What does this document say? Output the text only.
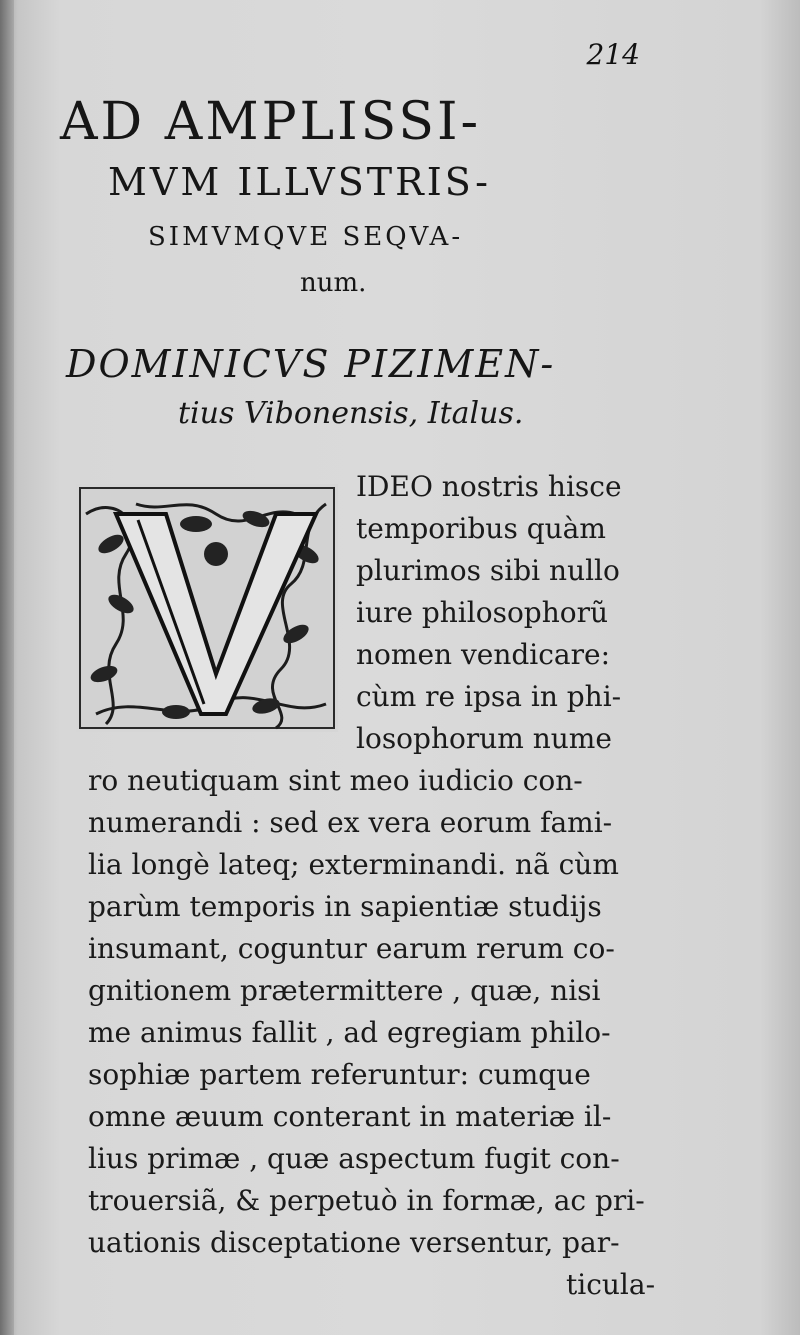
214
AD AMPLISSI-
MVM ILLVSTRIS-
SIMVMQVE SEQVA-
num.
DOMINICVS PIZIMEN-
tius Vibonensis, Italus.
IDEO nostris hisce
temporibus quàm
plurimos sibi nullo
iure philosophorũ
nomen vendicare:
cùm re ipsa in phi-
losophorum nume
ro neutiquam sint meo iudicio con-
numerandi : sed ex vera eorum fami-
lia longè lateq; exterminandi. nã cùm
parùm temporis in sapientiæ studijs
insumant, coguntur earum rerum co-
gnitionem prætermittere , quæ, nisi
me animus fallit , ad egregiam philo-
sophiæ partem referuntur: cumque
omne æuum conterant in materiæ il-
lius primæ , quæ aspectum fugit con-
trouersiã, & perpetuò in formæ, ac pri-
uationis disceptatione versentur, par-
ticula-
